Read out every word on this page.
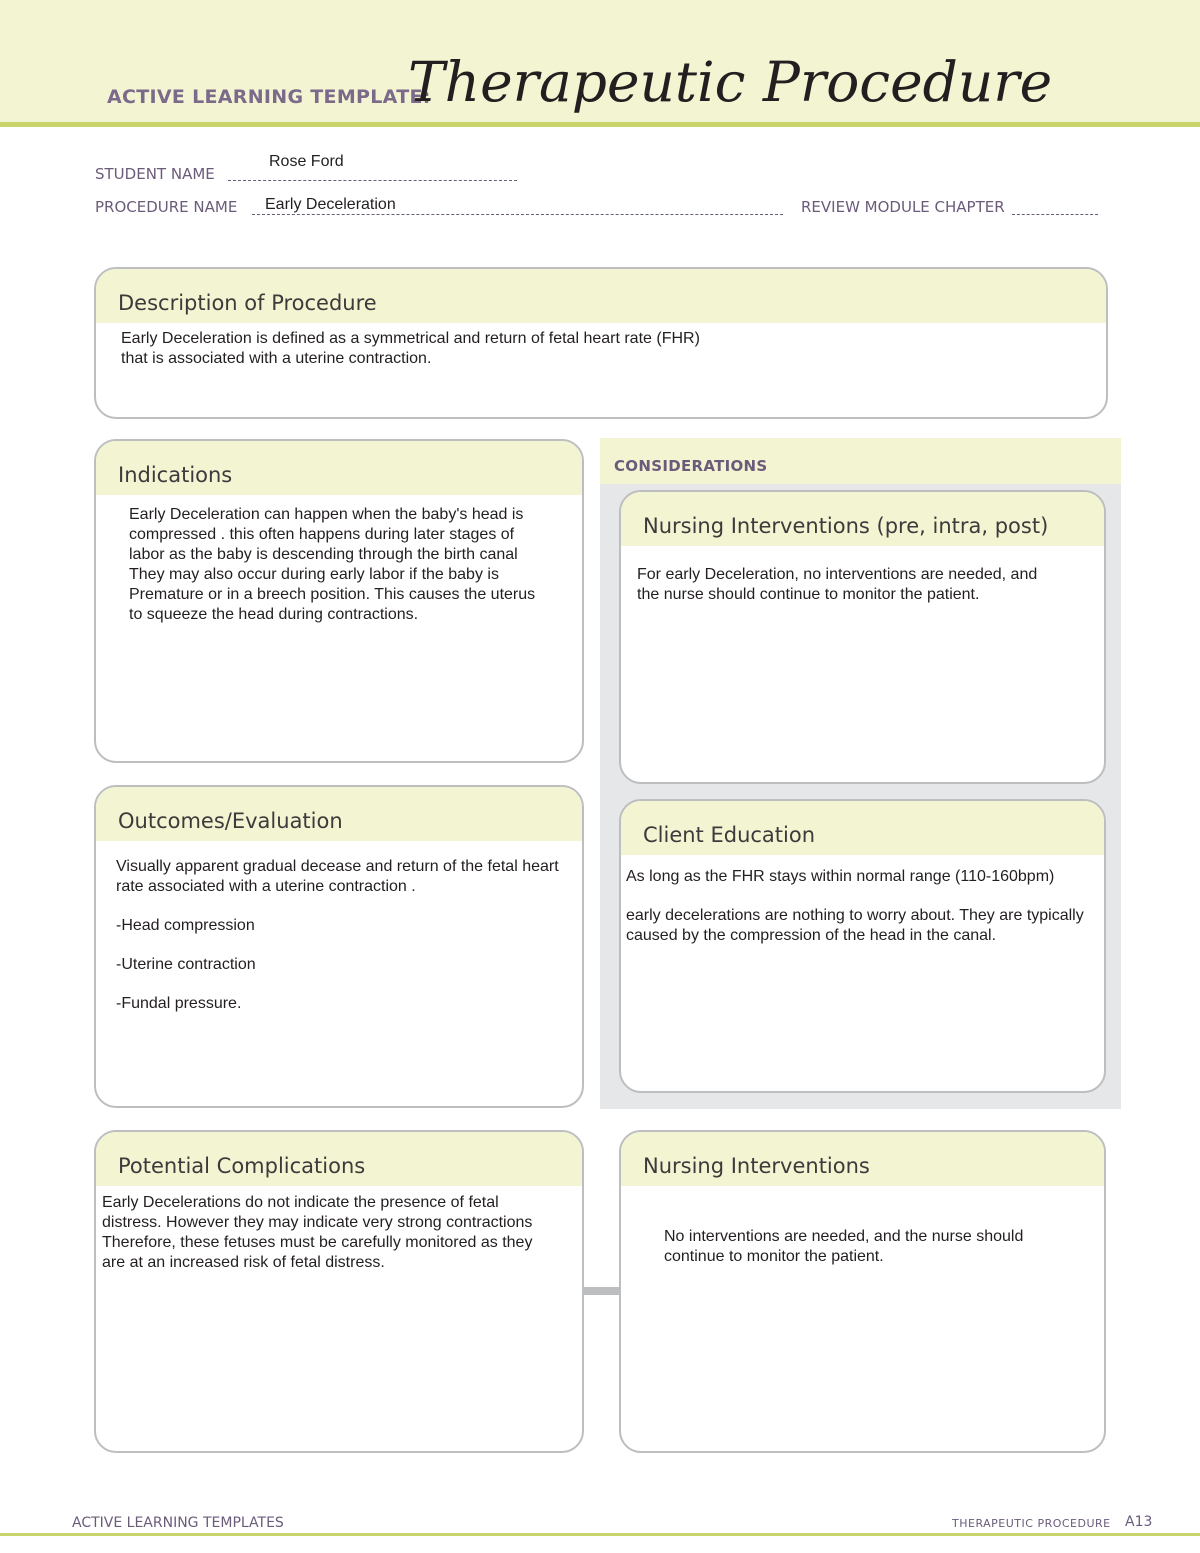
ACTIVE LEARNING TEMPLATE:
Therapeutic Procedure
STUDENT NAME
Rose Ford
PROCEDURE NAME Early Deceleration	REVIEW MODULE CHAPTER
Description of Procedure
Early Deceleration is defined as a symmetrical and return of fetal heart rate (FHR)
that is associated with a uterine contraction.
Indications
Early Deceleration can happen when the baby's head is
compressed . this often happens during later stages of
labor as the baby is descending through the birth canal
They may also occur during early labor if the baby is
Premature or in a breech position. This causes the uterus
to squeeze the head during contractions.
CONSIDERATIONS
Nursing Interventions (pre, intra, post)
For early Deceleration, no interventions are needed, and
the nurse should continue to monitor the patient.
Outcomes/Evaluation

Visually apparent gradual decease and return of the fetal heart rate associated with a uterine contraction .

-Head compression

-Uterine contraction

-Fundal pressure.

Client Education

As long as the FHR stays within normal range (110-160bpm)

early decelerations are nothing to worry about. They are typically caused by the compression of the head in the canal.

Potential Complications
Early Decelerations do not indicate the presence of fetal
distress. However they may indicate very strong contractions
Therefore, these fetuses must be carefully monitored as they
are at an increased risk of fetal distress.
Nursing Interventions
No interventions are needed, and the nurse should
continue to monitor the patient.
ACTIVE LEARNING TEMPLATES	THERAPEUTIC PROCEDURE A13
